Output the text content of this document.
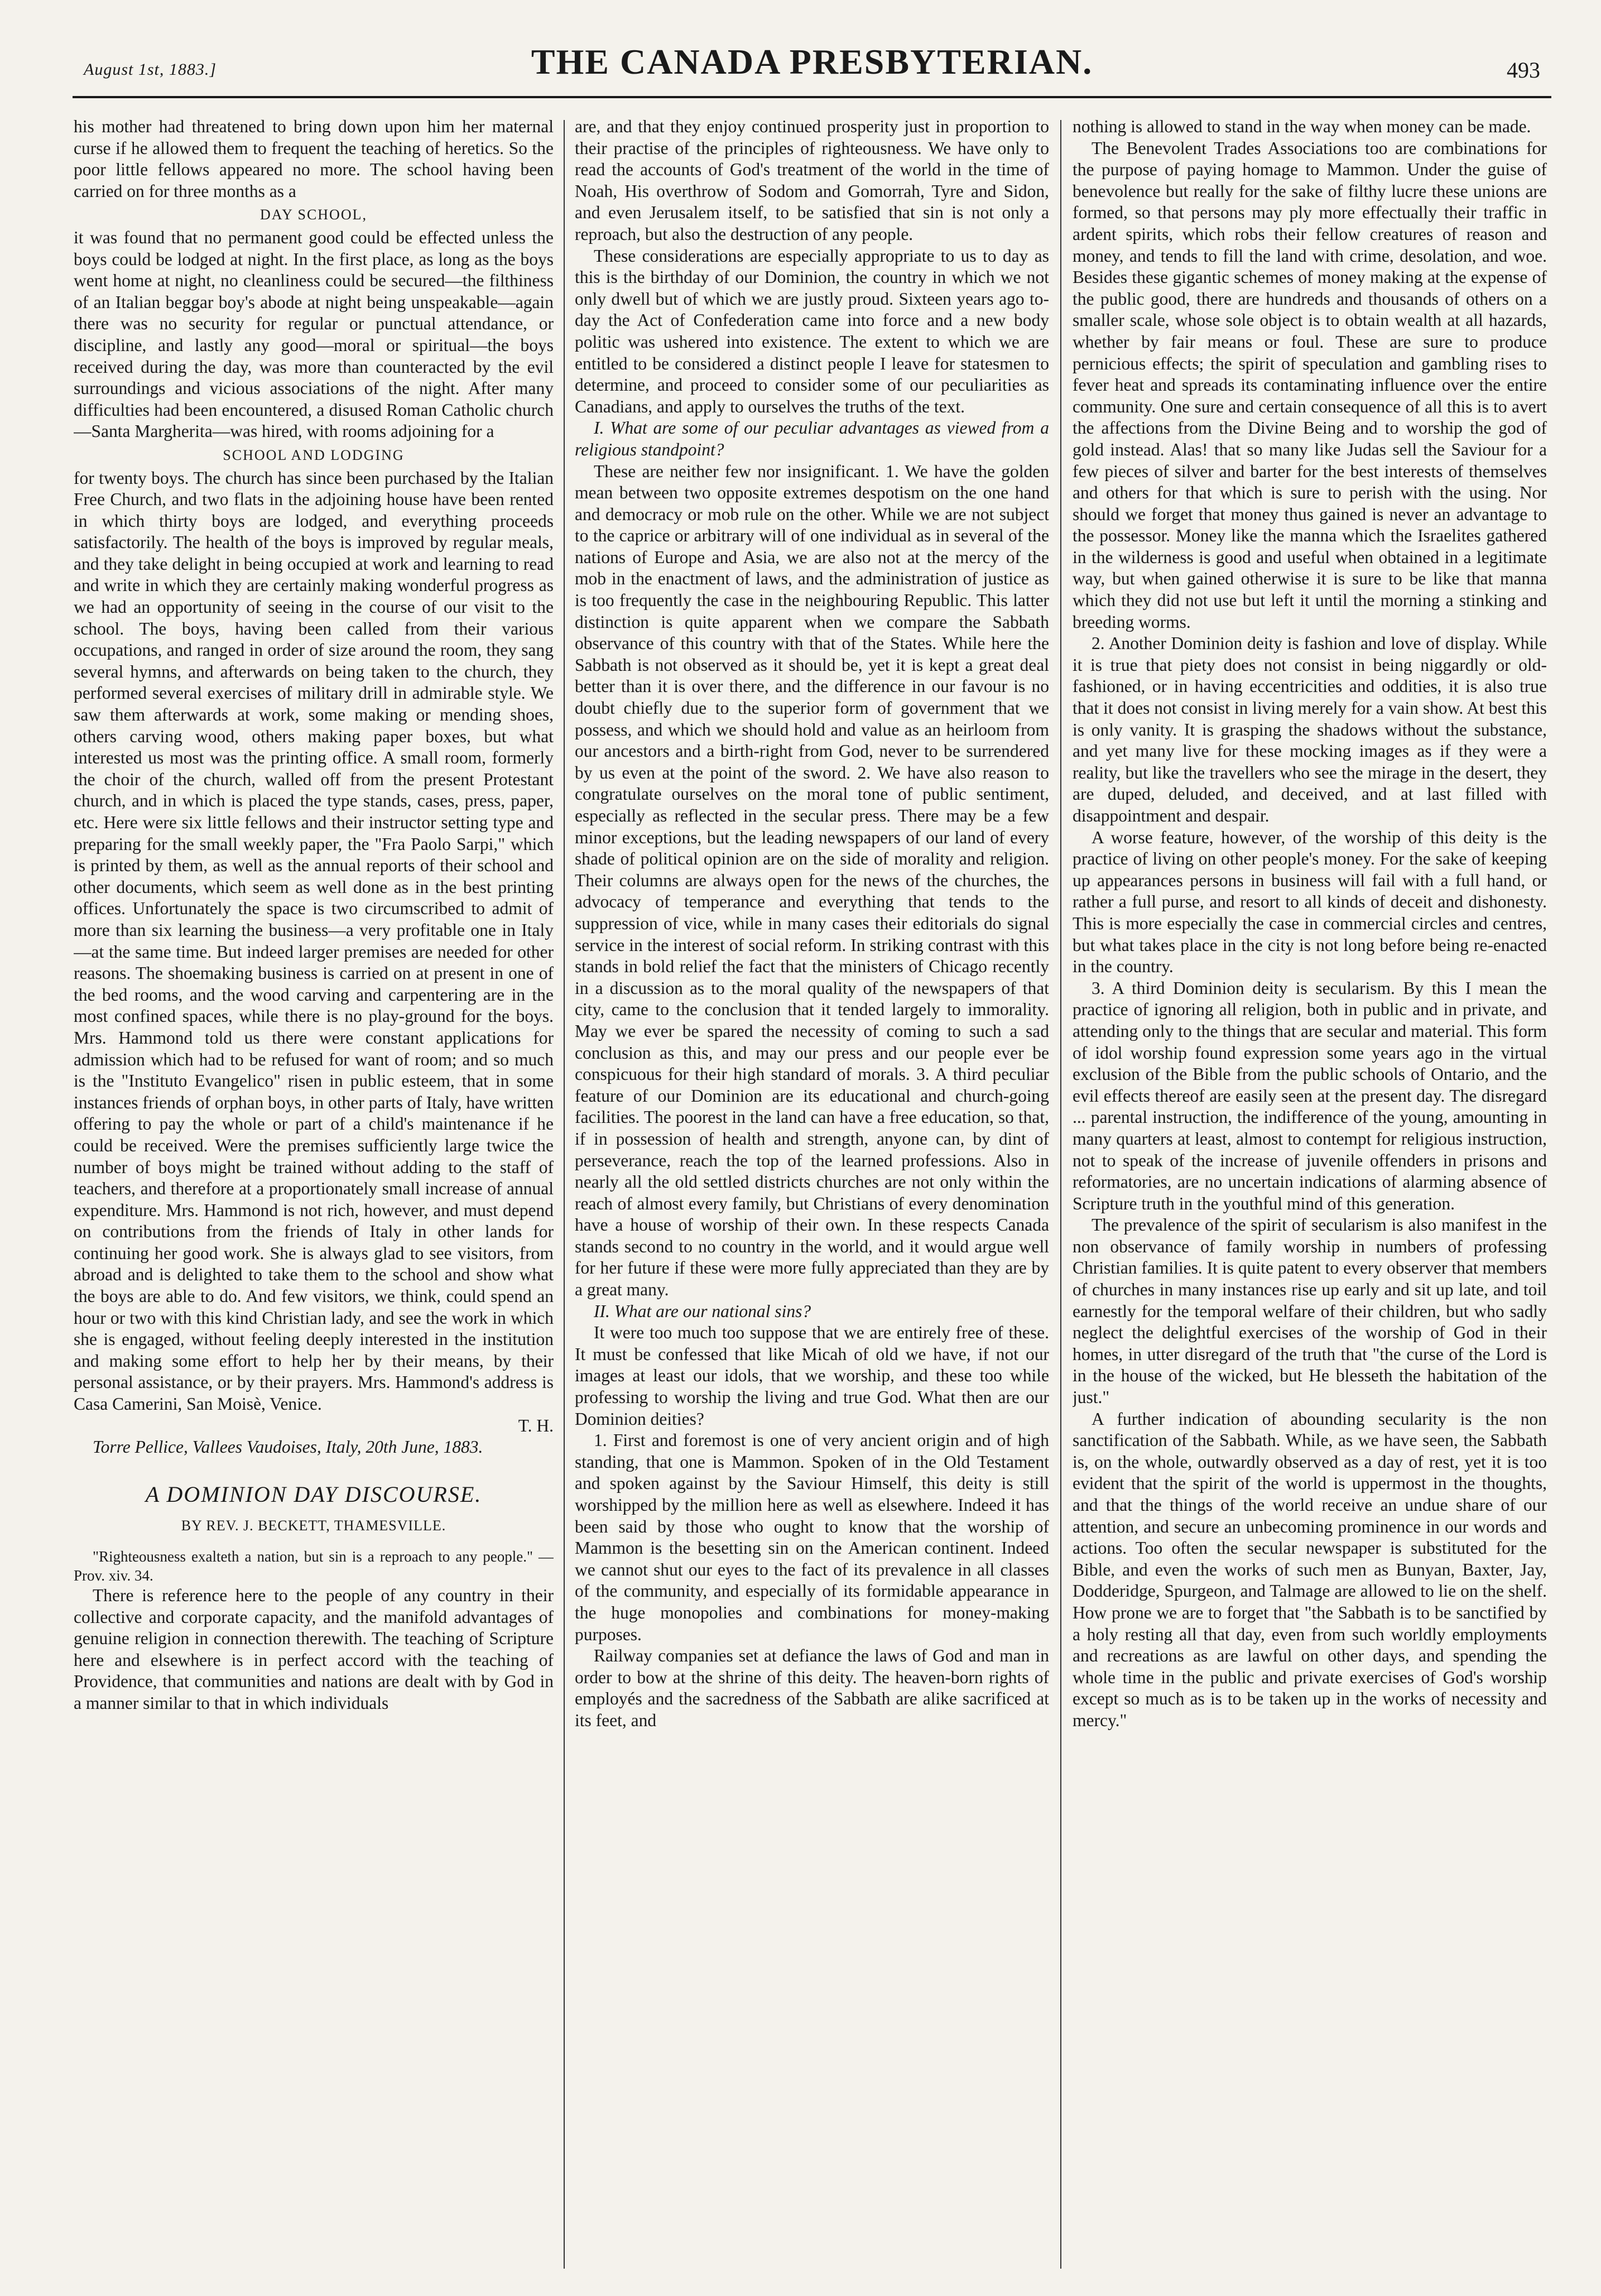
August 1st, 1883.]	THE CANADA PRESBYTERIAN.	493

his mother had threatened to bring down upon him her maternal curse if he allowed them to frequent the teaching of heretics. So the poor little fellows appeared no more. The school having been carried on for three months as a

DAY SCHOOL,

it was found that no permanent good could be effected unless the boys could be lodged at night. In the first place, as long as the boys went home at night, no cleanliness could be secured—the filthiness of an Italian beggar boy's abode at night being unspeakable—again there was no security for regular or punctual attendance, or discipline, and lastly any good—moral or spiritual—the boys received during the day, was more than counteracted by the evil surroundings and vicious associations of the night. After many difficulties had been encountered, a disused Roman Catholic church—Santa Margherita—was hired, with rooms adjoining for a

SCHOOL AND LODGING

for twenty boys. The church has since been purchased by the Italian Free Church, and two flats in the adjoining house have been rented in which thirty boys are lodged, and everything proceeds satisfactorily. The health of the boys is improved by regular meals, and they take delight in being occupied at work and learning to read and write in which they are certainly making wonderful progress as we had an opportunity of seeing in the course of our visit to the school. The boys, having been called from their various occupations, and ranged in order of size around the room, they sang several hymns, and afterwards on being taken to the church, they performed several exercises of military drill in admirable style. We saw them afterwards at work, some making or mending shoes, others carving wood, others making paper boxes, but what interested us most was the printing office. A small room, formerly the choir of the church, walled off from the present Protestant church, and in which is placed the type stands, cases, press, paper, etc. Here were six little fellows and their instructor setting type and preparing for the small weekly paper, the "Fra Paolo Sarpi," which is printed by them, as well as the annual reports of their school and other documents, which seem as well done as in the best printing offices. Unfortunately the space is two circumscribed to admit of more than six learning the business—a very profitable one in Italy—at the same time. But indeed larger premises are needed for other reasons. The shoemaking business is carried on at present in one of the bed rooms, and the wood carving and carpentering are in the most confined spaces, while there is no play-ground for the boys. Mrs. Hammond told us there were constant applications for admission which had to be refused for want of room; and so much is the "Instituto Evangelico" risen in public esteem, that in some instances friends of orphan boys, in other parts of Italy, have written offering to pay the whole or part of a child's maintenance if he could be received. Were the premises sufficiently large twice the number of boys might be trained without adding to the staff of teachers, and therefore at a proportionately small increase of annual expenditure. Mrs. Hammond is not rich, however, and must depend on contributions from the friends of Italy in other lands for continuing her good work. She is always glad to see visitors, from abroad and is delighted to take them to the school and show what the boys are able to do. And few visitors, we think, could spend an hour or two with this kind Christian lady, and see the work in which she is engaged, without feeling deeply interested in the institution and making some effort to help her by their means, by their personal assistance, or by their prayers. Mrs. Hammond's address is Casa Camerini, San Moisè, Venice.

T. H.

Torre Pellice, Vallees Vaudoises, Italy, 20th June, 1883.

A DOMINION DAY DISCOURSE.
BY REV. J. BECKETT, THAMESVILLE.

"Righteousness exalteth a nation, but sin is a reproach to any people." —Prov. xiv. 34.

There is reference here to the people of any country in their collective and corporate capacity, and the manifold advantages of genuine religion in connection therewith. The teaching of Scripture here and elsewhere is in perfect accord with the teaching of Providence, that communities and nations are dealt with by God in a manner similar to that in which individuals

are, and that they enjoy continued prosperity just in proportion to their practise of the principles of righteousness. We have only to read the accounts of God's treatment of the world in the time of Noah, His overthrow of Sodom and Gomorrah, Tyre and Sidon, and even Jerusalem itself, to be satisfied that sin is not only a reproach, but also the destruction of any people.

These considerations are especially appropriate to us to day as this is the birthday of our Dominion, the country in which we not only dwell but of which we are justly proud. Sixteen years ago to-day the Act of Confederation came into force and a new body politic was ushered into existence. The extent to which we are entitled to be considered a distinct people I leave for statesmen to determine, and proceed to consider some of our peculiarities as Canadians, and apply to ourselves the truths of the text.

I. What are some of our peculiar advantages as viewed from a religious standpoint?

These are neither few nor insignificant. 1. We have the golden mean between two opposite extremes despotism on the one hand and democracy or mob rule on the other. While we are not subject to the caprice or arbitrary will of one individual as in several of the nations of Europe and Asia, we are also not at the mercy of the mob in the enactment of laws, and the administration of justice as is too frequently the case in the neighbouring Republic. This latter distinction is quite apparent when we compare the Sabbath observance of this country with that of the States. While here the Sabbath is not observed as it should be, yet it is kept a great deal better than it is over there, and the difference in our favour is no doubt chiefly due to the superior form of government that we possess, and which we should hold and value as an heirloom from our ancestors and a birth-right from God, never to be surrendered by us even at the point of the sword. 2. We have also reason to congratulate ourselves on the moral tone of public sentiment, especially as reflected in the secular press. There may be a few minor exceptions, but the leading newspapers of our land of every shade of political opinion are on the side of morality and religion. Their columns are always open for the news of the churches, the advocacy of temperance and everything that tends to the suppression of vice, while in many cases their editorials do signal service in the interest of social reform. In striking contrast with this stands in bold relief the fact that the ministers of Chicago recently in a discussion as to the moral quality of the newspapers of that city, came to the conclusion that it tended largely to immorality. May we ever be spared the necessity of coming to such a sad conclusion as this, and may our press and our people ever be conspicuous for their high standard of morals. 3. A third peculiar feature of our Dominion are its educational and church-going facilities. The poorest in the land can have a free education, so that, if in possession of health and strength, anyone can, by dint of perseverance, reach the top of the learned professions. Also in nearly all the old settled districts churches are not only within the reach of almost every family, but Christians of every denomination have a house of worship of their own. In these respects Canada stands second to no country in the world, and it would argue well for her future if these were more fully appreciated than they are by a great many.

II. What are our national sins?

It were too much too suppose that we are entirely free of these. It must be confessed that like Micah of old we have, if not our images at least our idols, that we worship, and these too while professing to worship the living and true God. What then are our Dominion deities?

1. First and foremost is one of very ancient origin and of high standing, that one is Mammon. Spoken of in the Old Testament and spoken against by the Saviour Himself, this deity is still worshipped by the million here as well as elsewhere. Indeed it has been said by those who ought to know that the worship of Mammon is the besetting sin on the American continent. Indeed we cannot shut our eyes to the fact of its prevalence in all classes of the community, and especially of its formidable appearance in the huge monopolies and combinations for money-making purposes.

Railway companies set at defiance the laws of God and man in order to bow at the shrine of this deity. The heaven-born rights of employés and the sacredness of the Sabbath are alike sacrificed at its feet, and

nothing is allowed to stand in the way when money can be made.

The Benevolent Trades Associations too are combinations for the purpose of paying homage to Mammon. Under the guise of benevolence but really for the sake of filthy lucre these unions are formed, so that persons may ply more effectually their traffic in ardent spirits, which robs their fellow creatures of reason and money, and tends to fill the land with crime, desolation, and woe. Besides these gigantic schemes of money making at the expense of the public good, there are hundreds and thousands of others on a smaller scale, whose sole object is to obtain wealth at all hazards, whether by fair means or foul. These are sure to produce pernicious effects; the spirit of speculation and gambling rises to fever heat and spreads its contaminating influence over the entire community. One sure and certain consequence of all this is to avert the affections from the Divine Being and to worship the god of gold instead. Alas! that so many like Judas sell the Saviour for a few pieces of silver and barter for the best interests of themselves and others for that which is sure to perish with the using. Nor should we forget that money thus gained is never an advantage to the possessor. Money like the manna which the Israelites gathered in the wilderness is good and useful when obtained in a legitimate way, but when gained otherwise it is sure to be like that manna which they did not use but left it until the morning a stinking and breeding worms.

2. Another Dominion deity is fashion and love of display. While it is true that piety does not consist in being niggardly or old-fashioned, or in having eccentricities and oddities, it is also true that it does not consist in living merely for a vain show. At best this is only vanity. It is grasping the shadows without the substance, and yet many live for these mocking images as if they were a reality, but like the travellers who see the mirage in the desert, they are duped, deluded, and deceived, and at last filled with disappointment and despair.

A worse feature, however, of the worship of this deity is the practice of living on other people's money. For the sake of keeping up appearances persons in business will fail with a full hand, or rather a full purse, and resort to all kinds of deceit and dishonesty. This is more especially the case in commercial circles and centres, but what takes place in the city is not long before being re-enacted in the country.

3. A third Dominion deity is secularism. By this I mean the practice of ignoring all religion, both in public and in private, and attending only to the things that are secular and material. This form of idol worship found expression some years ago in the virtual exclusion of the Bible from the public schools of Ontario, and the evil effects thereof are easily seen at the present day. The disregard ... parental instruction, the indifference of the young, amounting in many quarters at least, almost to contempt for religious instruction, not to speak of the increase of juvenile offenders in prisons and reformatories, are no uncertain indications of alarming absence of Scripture truth in the youthful mind of this generation.

The prevalence of the spirit of secularism is also manifest in the non observance of family worship in numbers of professing Christian families. It is quite patent to every observer that members of churches in many instances rise up early and sit up late, and toil earnestly for the temporal welfare of their children, but who sadly neglect the delightful exercises of the worship of God in their homes, in utter disregard of the truth that "the curse of the Lord is in the house of the wicked, but He blesseth the habitation of the just."

A further indication of abounding secularity is the non sanctification of the Sabbath. While, as we have seen, the Sabbath is, on the whole, outwardly observed as a day of rest, yet it is too evident that the spirit of the world is uppermost in the thoughts, and that the things of the world receive an undue share of our attention, and secure an unbecoming prominence in our words and actions. Too often the secular newspaper is substituted for the Bible, and even the works of such men as Bunyan, Baxter, Jay, Dodderidge, Spurgeon, and Talmage are allowed to lie on the shelf. How prone we are to forget that "the Sabbath is to be sanctified by a holy resting all that day, even from such worldly employments and recreations as are lawful on other days, and spending the whole time in the public and private exercises of God's worship except so much as is to be taken up in the works of necessity and mercy."
